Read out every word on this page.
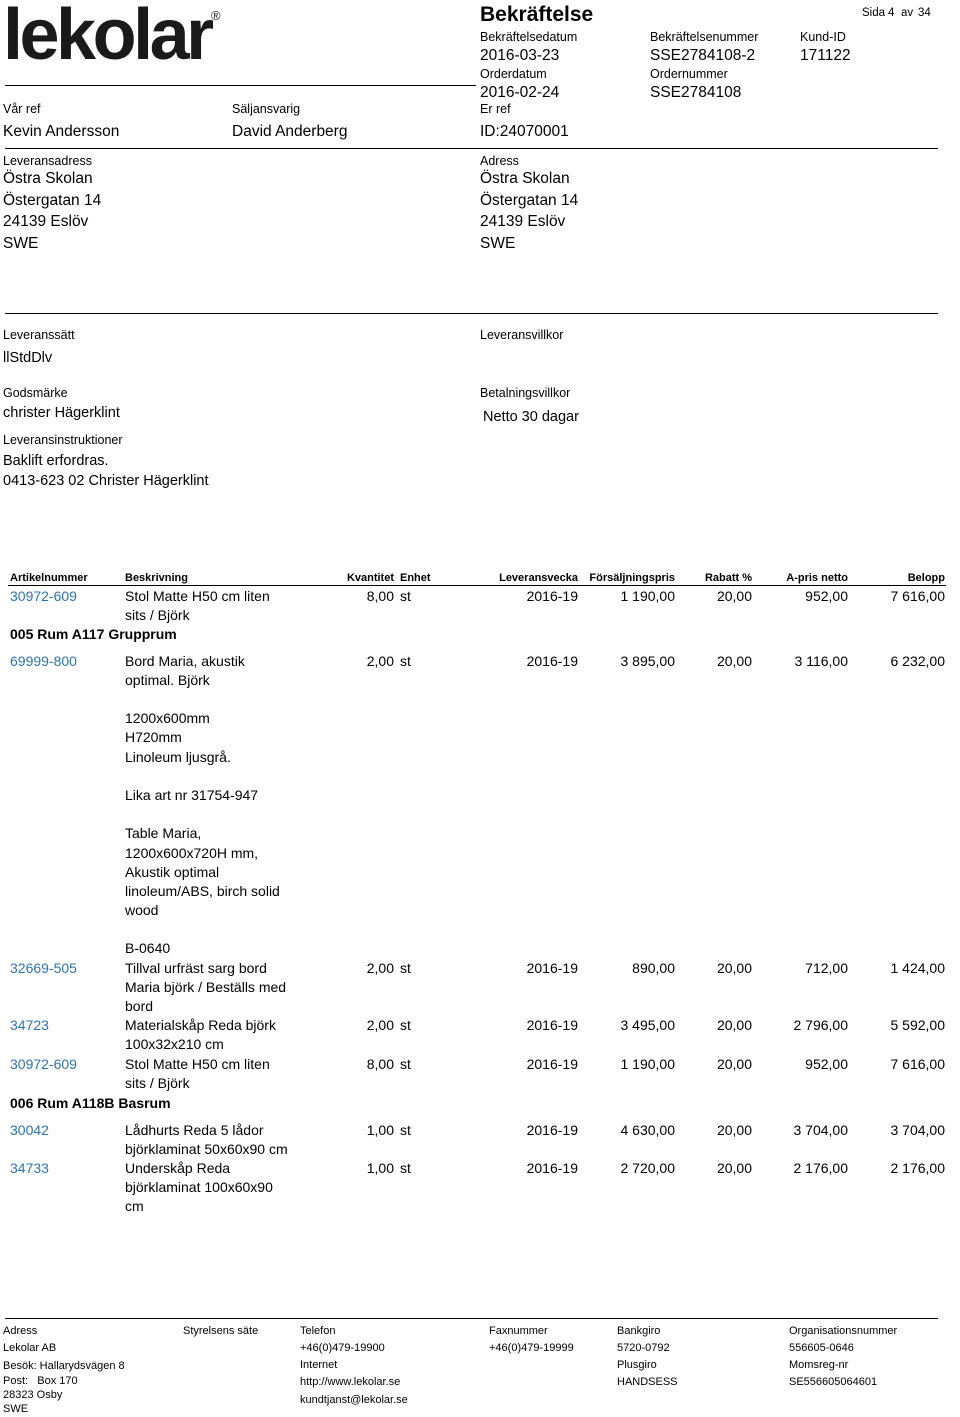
lekolar ®	Bekräftelse	Sida 4 av 34
Bekräftelsedatum
2016-03-23
Bekräftelsenummer
SSE2784108-2
Kund-ID
171122
Orderdatum
2016-02-24
Ordernummer
SSE2784108
Vår ref
Kevin Andersson
Säljansvarig
David Anderberg
Er ref
ID:24070001
Leveransadress
Östra Skolan
Östergatan 14
24139 Eslöv
SWE
Adress
Östra Skolan
Östergatan 14
24139 Eslöv
SWE
Leveranssätt
llStdDlv
Leveransvillkor
Godsmärke
christer Hägerklint
Betalningsvillkor
Netto 30 dagar
Leveransinstruktioner
Baklift erfordras.
0413-623 02 Christer Hägerklint
Artikelnummer	Beskrivning	Kvantitet Enhet	Leveransvecka	Försäljningspris	Rabatt %	A-pris netto	Belopp
30972-609	Stol Matte H50 cm liten
sits / Björk
8,00 st	2016-19	1 190,00	20,00	952,00	7 616,00
005 Rum A117 Grupprum
69999-800	Bord Maria, akustik
optimal. Björk
2,00 st	2016-19	3 895,00	20,00	3 116,00	6 232,00
1200x600mm
H720mm
Linoleum ljusgrå.
Lika art nr 31754-947
Table Maria,
1200x600x720H mm,
Akustik optimal
linoleum/ABS, birch solid
wood
B-0640
32669-505	Tillval urfräst sarg bord
Maria björk / Beställs med
bord
2,00 st	2016-19	890,00	20,00	712,00	1 424,00
34723	Materialskåp Reda björk
100x32x210 cm
2,00 st	2016-19	3 495,00	20,00	2 796,00	5 592,00
30972-609	Stol Matte H50 cm liten
sits / Björk
8,00 st	2016-19	1 190,00	20,00	952,00	7 616,00
006 Rum A118B Basrum
30042	Lådhurts Reda 5 lådor
björklaminat 50x60x90 cm
1,00 st	2016-19	4 630,00	20,00	3 704,00	3 704,00
34733	Underskåp Reda
björklaminat 100x60x90
cm
1,00 st	2016-19	2 720,00	20,00	2 176,00	2 176,00
Adress
Lekolar AB
Besök: Hallarydsvägen 8
Post:   Box 170
28323 Osby
SWE
Styrelsens säte	Telefon
+46(0)479-19900
Internet
http://www.lekolar.se
kundtjanst@lekolar.se
Faxnummer
+46(0)479-19999
Bankgiro
5720-0792
Plusgiro
HANDSESS
Organisationsnummer
556605-0646
Momsreg-nr
SE556605064601
